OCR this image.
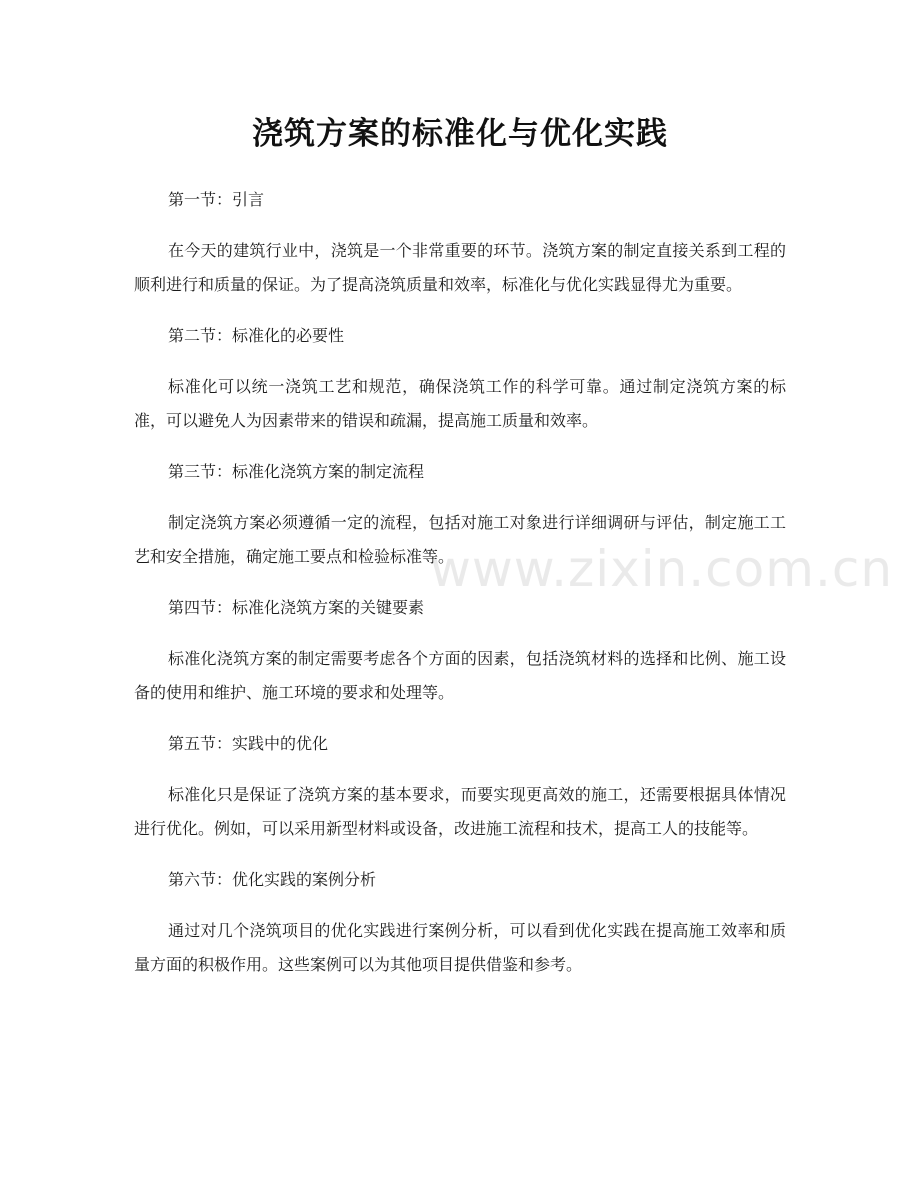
浇筑方案的标准化与优化实践

第一节：引言

在今天的建筑行业中，浇筑是一个非常重要的环节。浇筑方案的制定直接关系到工程的顺利进行和质量的保证。为了提高浇筑质量和效率，标准化与优化实践显得尤为重要。

第二节：标准化的必要性

标准化可以统一浇筑工艺和规范，确保浇筑工作的科学可靠。通过制定浇筑方案的标准，可以避免人为因素带来的错误和疏漏，提高施工质量和效率。

第三节：标准化浇筑方案的制定流程

制定浇筑方案必须遵循一定的流程，包括对施工对象进行详细调研与评估，制定施工工艺和安全措施，确定施工要点和检验标准等。

第四节：标准化浇筑方案的关键要素

标准化浇筑方案的制定需要考虑各个方面的因素，包括浇筑材料的选择和比例、施工设备的使用和维护、施工环境的要求和处理等。

第五节：实践中的优化

标准化只是保证了浇筑方案的基本要求，而要实现更高效的施工，还需要根据具体情况进行优化。例如，可以采用新型材料或设备，改进施工流程和技术，提高工人的技能等。

第六节：优化实践的案例分析

通过对几个浇筑项目的优化实践进行案例分析，可以看到优化实践在提高施工效率和质量方面的积极作用。这些案例可以为其他项目提供借鉴和参考。

www.zixin.com.cn
